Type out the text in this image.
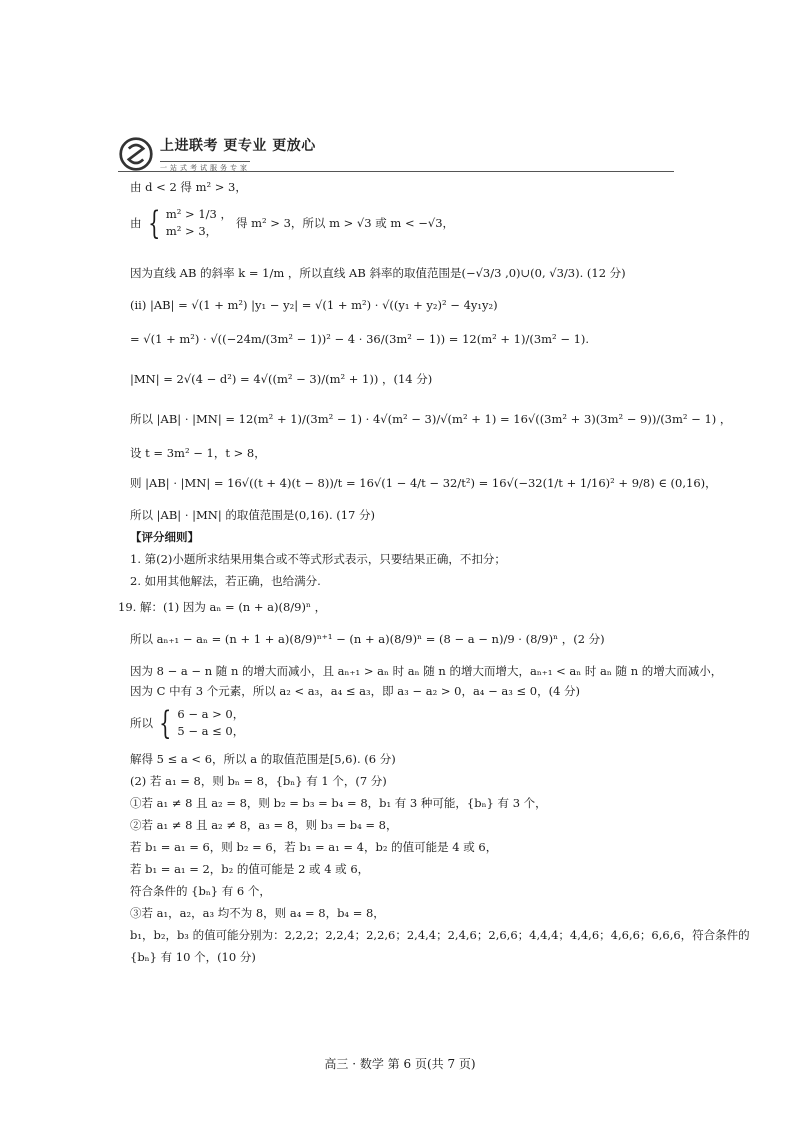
上进联考 更专业 更放心
一站式考试服务专家
由 d < 2 得 m² > 3，
由 { m² > 1/3 ，
m² > 3，
得 m² > 3，所以 m > √3 或 m < −√3，
因为直线 AB 的斜率 k = 1/m ，所以直线 AB 斜率的取值范围是(−√3/3 ,0)∪(0, √3/3). (12 分)
(ii) |AB| = √(1 + m²) |y₁ − y₂| = √(1 + m²) · √((y₁ + y₂)² − 4y₁y₂)
= √(1 + m²) · √((−24m/(3m² − 1))² − 4 · 36/(3m² − 1)) = 12(m² + 1)/(3m² − 1).
|MN| = 2√(4 − d²) = 4√((m² − 3)/(m² + 1)) ，(14 分)
所以 |AB| · |MN| = 12(m² + 1)/(3m² − 1) · 4√(m² − 3)/√(m² + 1) = 16√((3m² + 3)(3m² − 9))/(3m² − 1) ，
设 t = 3m² − 1，t > 8，
则 |AB| · |MN| = 16√((t + 4)(t − 8))/t = 16√(1 − 4/t − 32/t²) = 16√(−32(1/t + 1/16)² + 9/8) ∈ (0,16)，
所以 |AB| · |MN| 的取值范围是(0,16). (17 分)
【评分细则】
1. 第(2)小题所求结果用集合或不等式形式表示，只要结果正确，不扣分；
2. 如用其他解法，若正确，也给满分.
19. 解：(1) 因为 aₙ = (n + a)(8/9)ⁿ ，
所以 aₙ₊₁ − aₙ = (n + 1 + a)(8/9)ⁿ⁺¹ − (n + a)(8/9)ⁿ = (8 − a − n)/9 · (8/9)ⁿ ，(2 分)
因为 8 − a − n 随 n 的增大而减小，且 aₙ₊₁ > aₙ 时 aₙ 随 n 的增大而增大，aₙ₊₁ < aₙ 时 aₙ 随 n 的增大而减小，
因为 C 中有 3 个元素，所以 a₂ < a₃，a₄ ≤ a₃，即 a₃ − a₂ > 0，a₄ − a₃ ≤ 0，(4 分)
所以 { 6 − a > 0，
5 − a ≤ 0，
解得 5 ≤ a < 6，所以 a 的取值范围是[5,6). (6 分)
(2) 若 a₁ = 8，则 bₙ = 8，{bₙ} 有 1 个，(7 分)
①若 a₁ ≠ 8 且 a₂ = 8，则 b₂ = b₃ = b₄ = 8，b₁ 有 3 种可能，{bₙ} 有 3 个，
②若 a₁ ≠ 8 且 a₂ ≠ 8，a₃ = 8，则 b₃ = b₄ = 8，
若 b₁ = a₁ = 6，则 b₂ = 6，若 b₁ = a₁ = 4，b₂ 的值可能是 4 或 6，
若 b₁ = a₁ = 2，b₂ 的值可能是 2 或 4 或 6，
符合条件的 {bₙ} 有 6 个，
③若 a₁，a₂，a₃ 均不为 8，则 a₄ = 8，b₄ = 8，
b₁，b₂，b₃ 的值可能分别为：2,2,2；2,2,4；2,2,6；2,4,4；2,4,6；2,6,6；4,4,4；4,4,6；4,6,6；6,6,6，符合条件的
{bₙ} 有 10 个，(10 分)
高三 · 数学 第 6 页(共 7 页)
